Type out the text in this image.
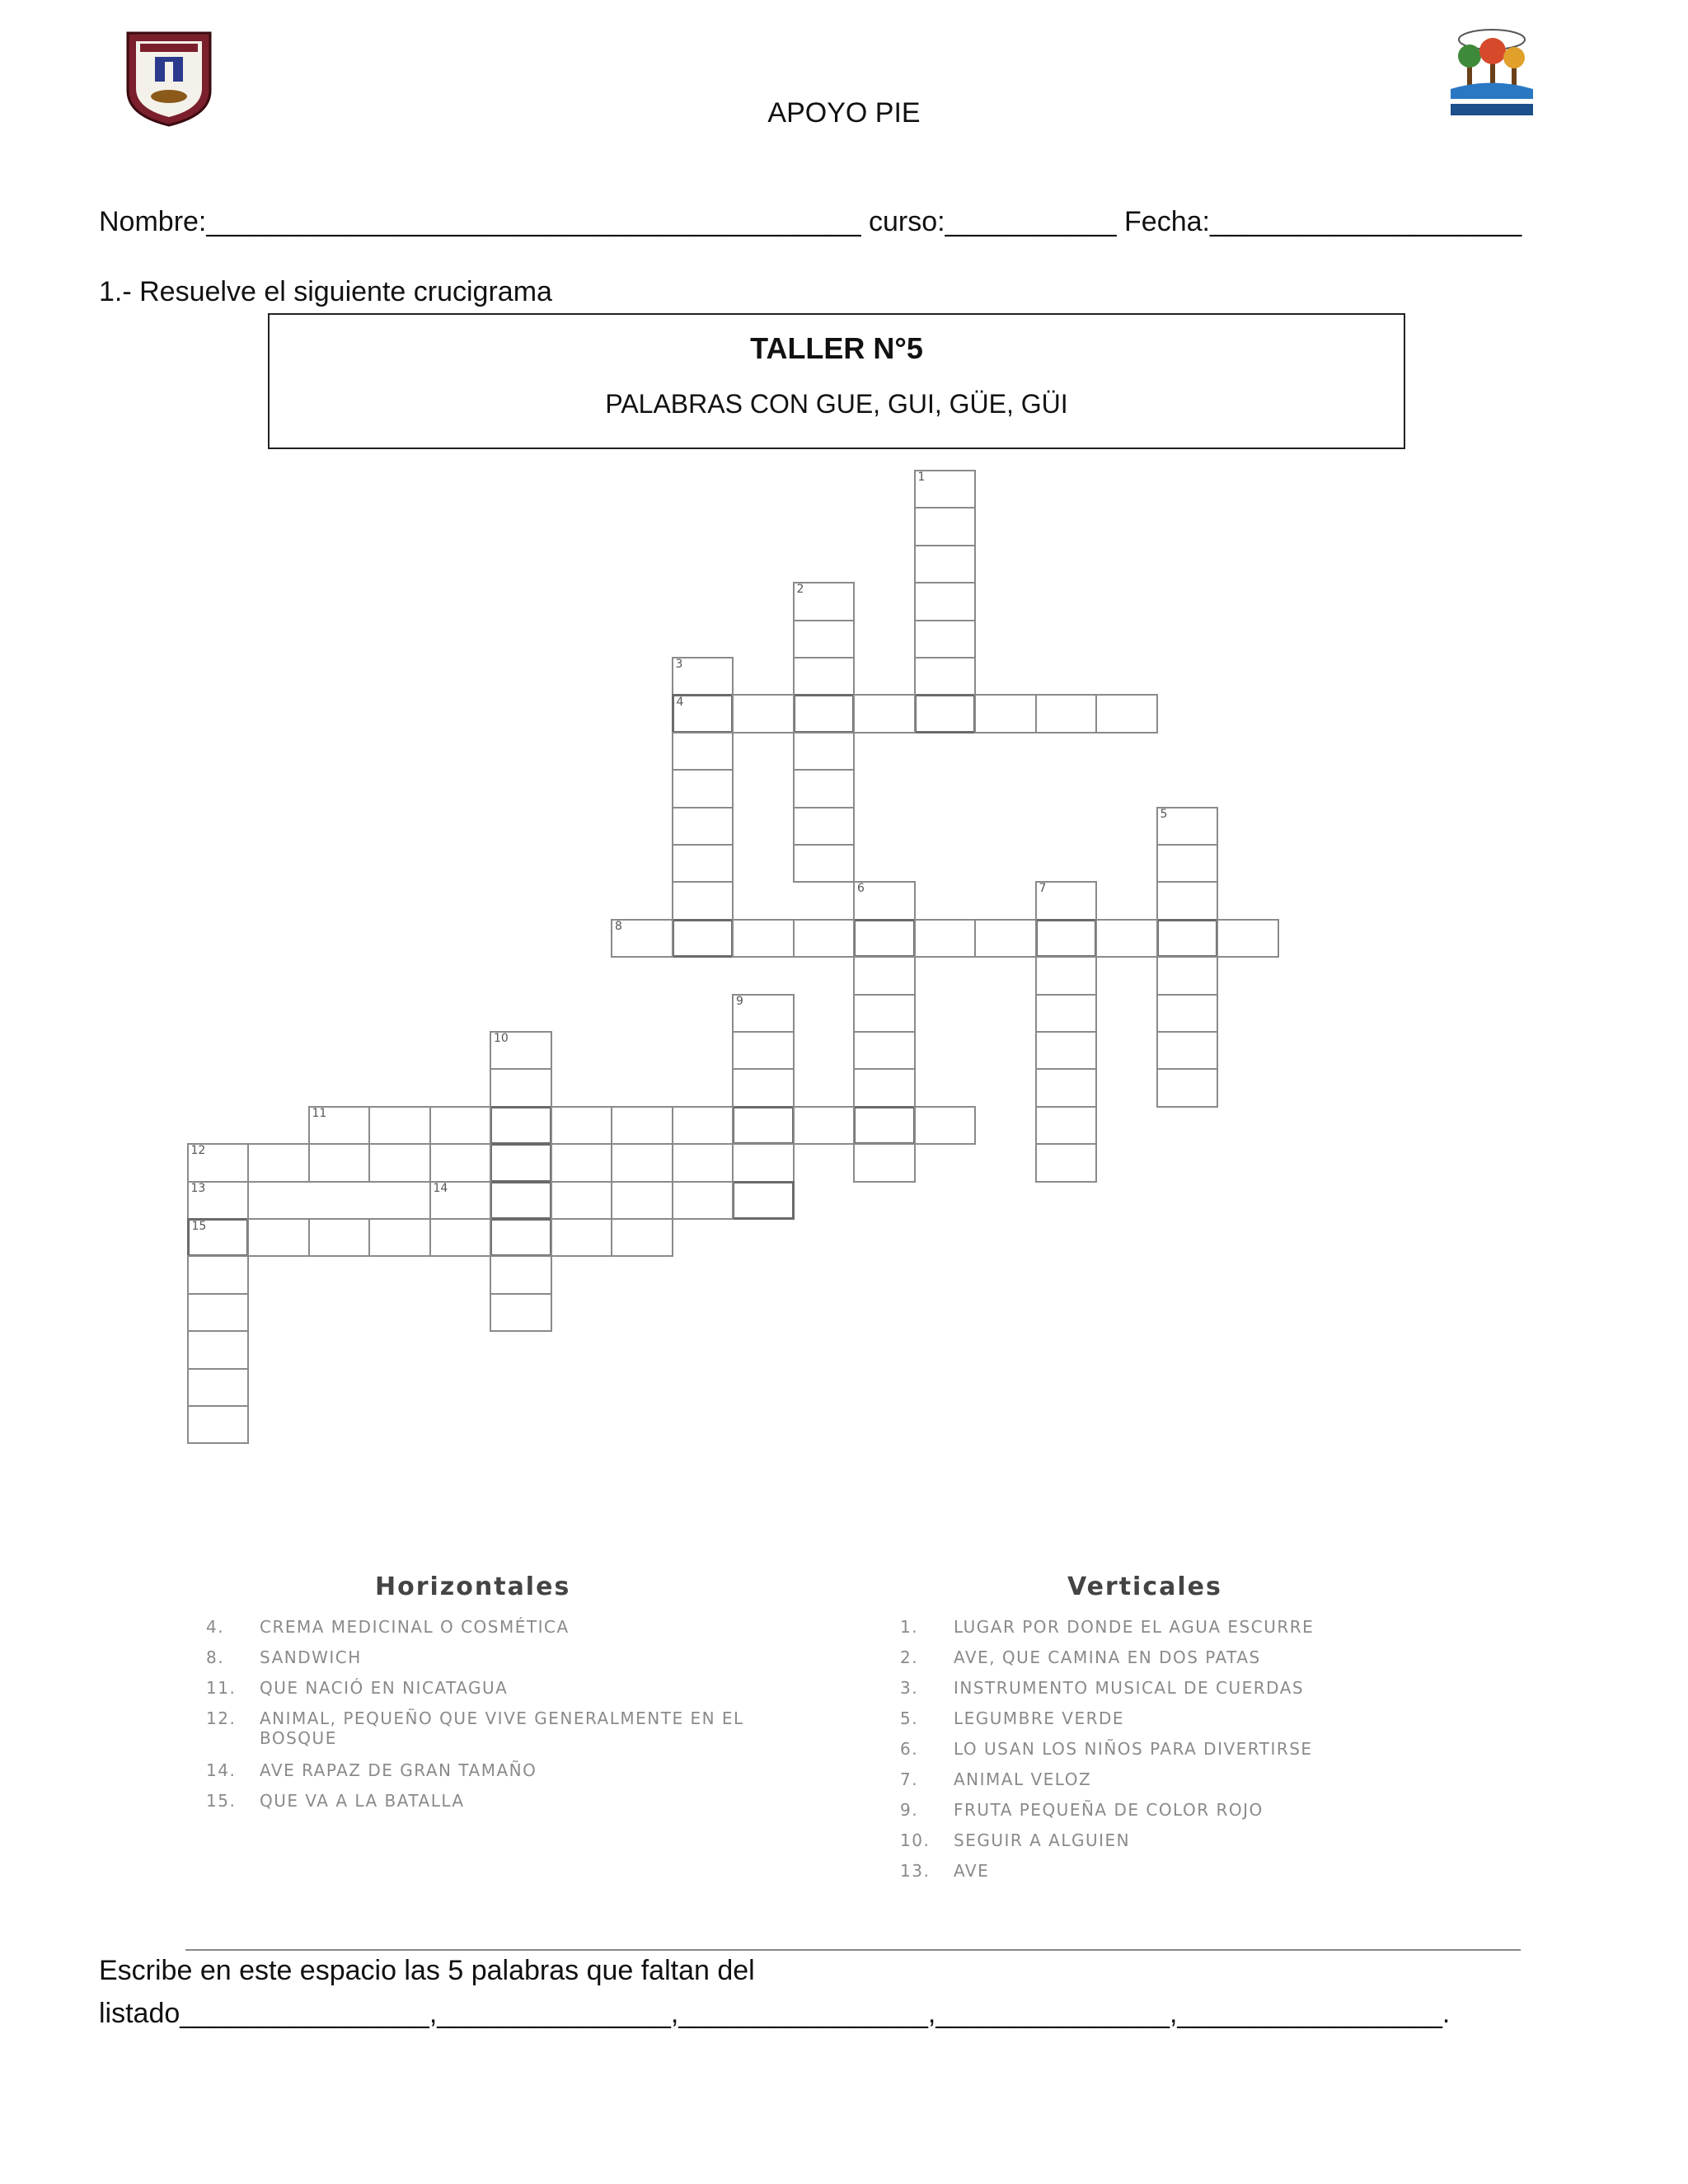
APOYO PIE
Nombre:__________________________________________ curso:___________ Fecha:____________________
1.- Resuelve el siguiente crucigrama
TALLER N°5
PALABRAS CON GUE, GUI, GÜE, GÜI
1
2
3
4
5
6	7
8
9
10
11
12
13
15
14
Horizontales	Verticales
4.	CREMA MEDICINAL O COSMÉTICA
8.	SANDWICH
11.	QUE NACIÓ EN NICATAGUA
12.	ANIMAL, PEQUEÑO QUE VIVE GENERALMENTE EN EL BOSQUE
14.	AVE RAPAZ DE GRAN TAMAÑO
15.	QUE VA A LA BATALLA
1.	LUGAR POR DONDE EL AGUA ESCURRE
2.	AVE, QUE CAMINA EN DOS PATAS
3.	INSTRUMENTO MUSICAL DE CUERDAS
5.	LEGUMBRE VERDE
6.	LO USAN LOS NIÑOS PARA DIVERTIRSE
7.	ANIMAL VELOZ
9.	FRUTA PEQUEÑA DE COLOR ROJO
10.	SEGUIR A ALGUIEN
13.	AVE
Escribe en este espacio las 5 palabras que faltan del
listado________________,_______________,________________,_______________,_________________.
